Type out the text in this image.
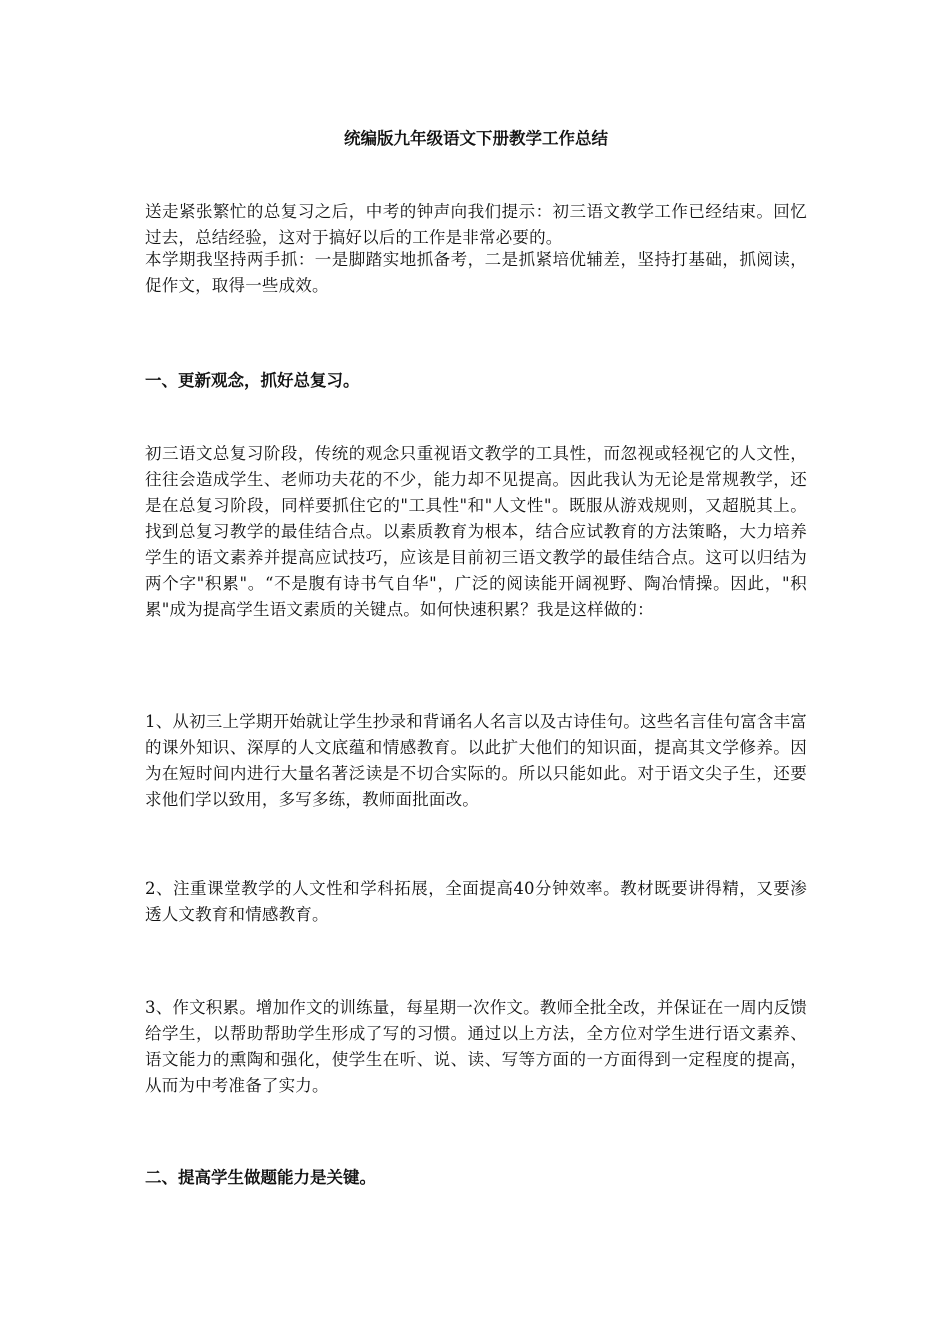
统编版九年级语文下册教学工作总结

送走紧张繁忙的总复习之后，中考的钟声向我们提示：初三语文教学工作已经结束。回忆过去，总结经验，这对于搞好以后的工作是非常必要的。

本学期我坚持两手抓：一是脚踏实地抓备考，二是抓紧培优辅差，坚持打基础，抓阅读，促作文，取得一些成效。

一、更新观念，抓好总复习。

初三语文总复习阶段，传统的观念只重视语文教学的工具性，而忽视或轻视它的人文性，往往会造成学生、老师功夫花的不少，能力却不见提高。因此我认为无论是常规教学，还是在总复习阶段，同样要抓住它的"工具性"和"人文性"。既服从游戏规则，又超脱其上。找到总复习教学的最佳结合点。以素质教育为根本，结合应试教育的方法策略，大力培养学生的语文素养并提高应试技巧，应该是目前初三语文教学的最佳结合点。这可以归结为两个字"积累"。“不是腹有诗书气自华"，广泛的阅读能开阔视野、陶冶情操。因此，"积累"成为提高学生语文素质的关键点。如何快速积累？我是这样做的：

1、从初三上学期开始就让学生抄录和背诵名人名言以及古诗佳句。这些名言佳句富含丰富的课外知识、深厚的人文底蕴和情感教育。以此扩大他们的知识面，提高其文学修养。因为在短时间内进行大量名著泛读是不切合实际的。所以只能如此。对于语文尖子生，还要求他们学以致用，多写多练，教师面批面改。

2、注重课堂教学的人文性和学科拓展，全面提高40分钟效率。教材既要讲得精，又要渗透人文教育和情感教育。

3、作文积累。增加作文的训练量，每星期一次作文。教师全批全改，并保证在一周内反馈给学生，以帮助帮助学生形成了写的习惯。通过以上方法，全方位对学生进行语文素养、语文能力的熏陶和强化，使学生在听、说、读、写等方面的一方面得到一定程度的提高，从而为中考准备了实力。

二、提高学生做题能力是关键。
